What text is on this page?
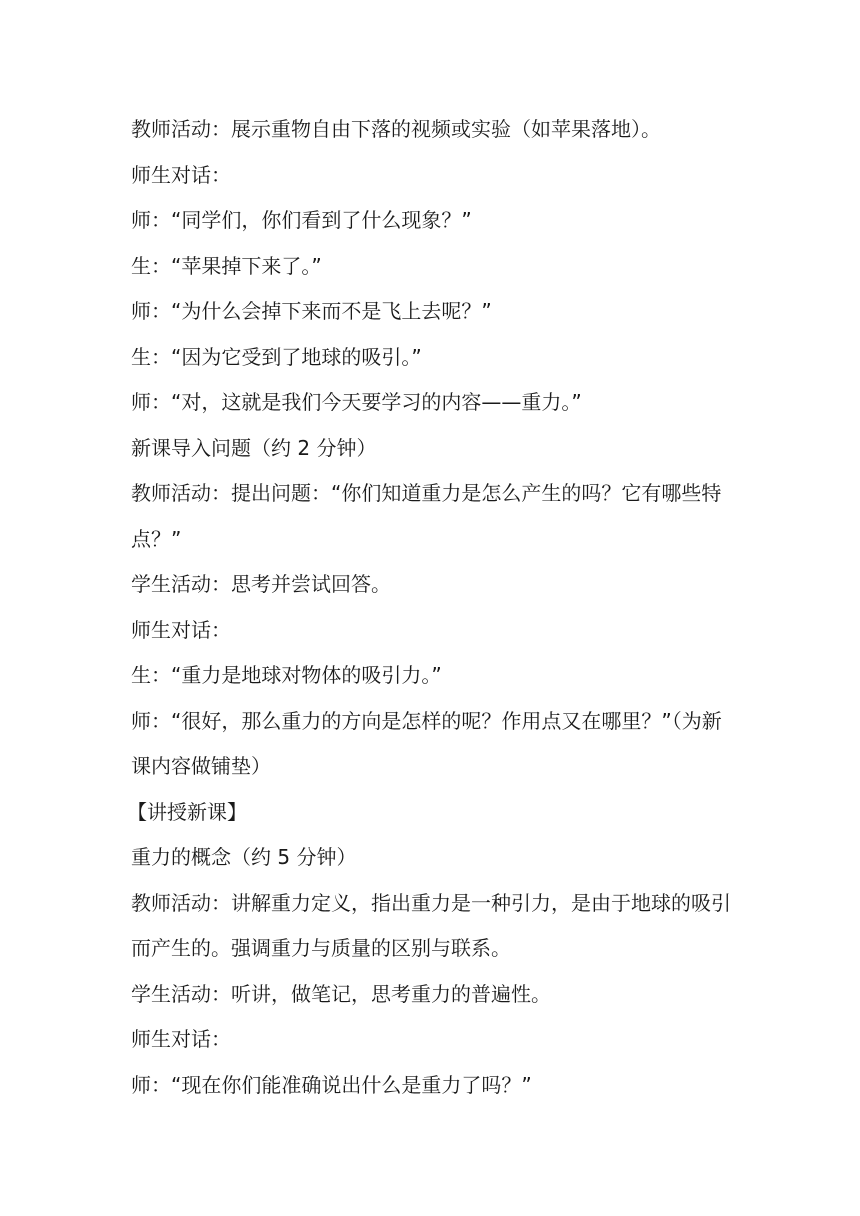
教师活动：展示重物自由下落的视频或实验（如苹果落地）。

师生对话：

师：“同学们，你们看到了什么现象？”

生：“苹果掉下来了。”

师：“为什么会掉下来而不是飞上去呢？”

生：“因为它受到了地球的吸引。”

师：“对，这就是我们今天要学习的内容——重力。”

新课导入问题（约 2 分钟）

教师活动：提出问题：“你们知道重力是怎么产生的吗？它有哪些特

点？”

学生活动：思考并尝试回答。

师生对话：

生：“重力是地球对物体的吸引力。”

师：“很好，那么重力的方向是怎样的呢？作用点又在哪里？”（为新

课内容做铺垫）

【讲授新课】

重力的概念（约 5 分钟）

教师活动：讲解重力定义，指出重力是一种引力，是由于地球的吸引

而产生的。强调重力与质量的区别与联系。

学生活动：听讲，做笔记，思考重力的普遍性。

师生对话：

师：“现在你们能准确说出什么是重力了吗？”
